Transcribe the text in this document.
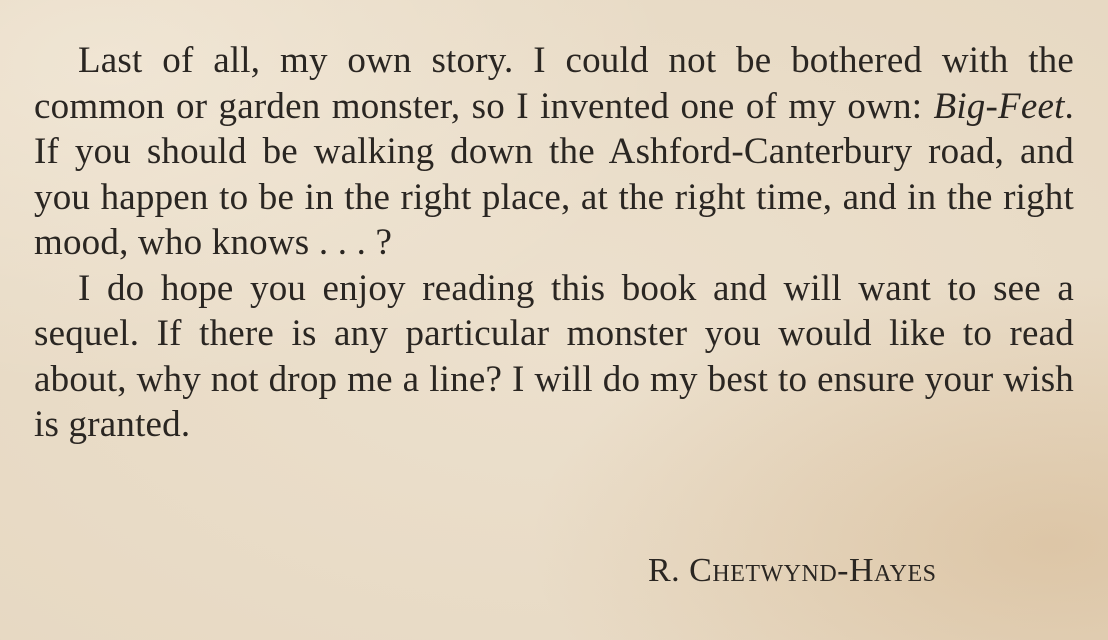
Last of all, my own story. I could not be bothered with the common or garden monster, so I invented one of my own: Big-Feet. If you should be walking down the Ashford-Canterbury road, and you happen to be in the right place, at the right time, and in the right mood, who knows . . . ?

I do hope you enjoy reading this book and will want to see a sequel. If there is any particular monster you would like to read about, why not drop me a line? I will do my best to ensure your wish is granted.

R. Chetwynd-Hayes
